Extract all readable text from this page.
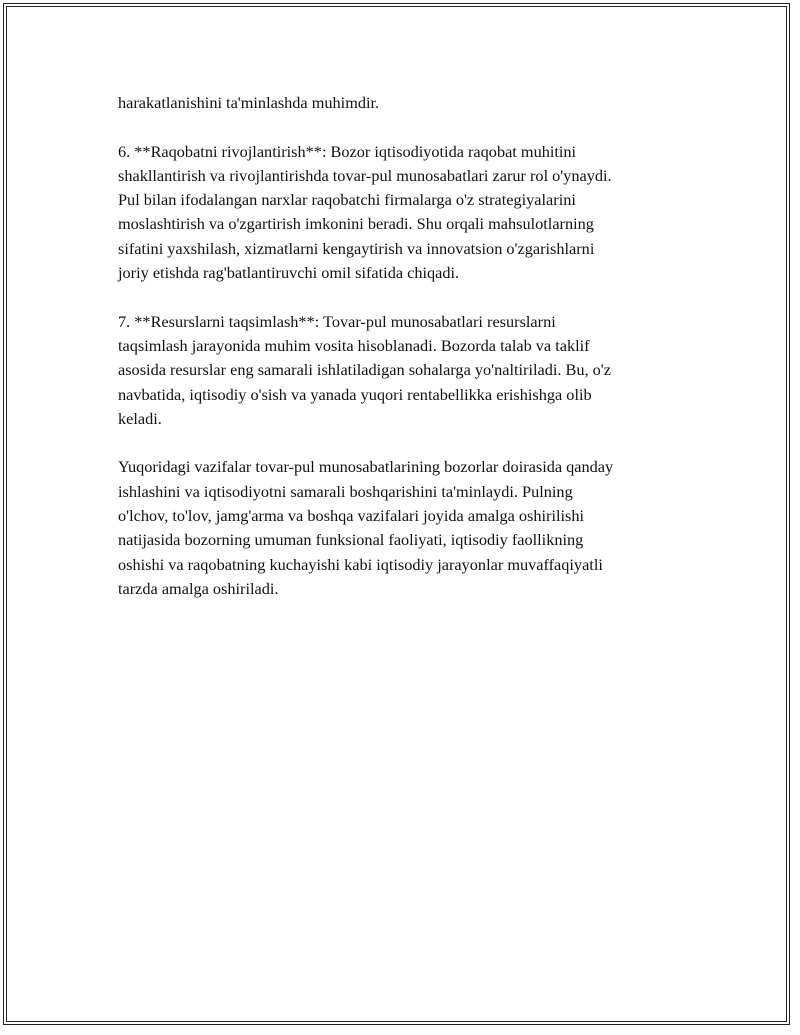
harakatlanishini ta'minlashda muhimdir.

6. **Raqobatni rivojlantirish**: Bozor iqtisodiyotida raqobat muhitini
shakllantirish va rivojlantirishda tovar-pul munosabatlari zarur rol o'ynaydi.
Pul bilan ifodalangan narxlar raqobatchi firmalarga o'z strategiyalarini
moslashtirish va o'zgartirish imkonini beradi. Shu orqali mahsulotlarning
sifatini yaxshilash, xizmatlarni kengaytirish va innovatsion o'zgarishlarni
joriy etishda rag'batlantiruvchi omil sifatida chiqadi.

7. **Resurslarni taqsimlash**: Tovar-pul munosabatlari resurslarni
taqsimlash jarayonida muhim vosita hisoblanadi. Bozorda talab va taklif
asosida resurslar eng samarali ishlatiladigan sohalarga yo'naltiriladi. Bu, o'z
navbatida, iqtisodiy o'sish va yanada yuqori rentabellikka erishishga olib
keladi.

Yuqoridagi vazifalar tovar-pul munosabatlarining bozorlar doirasida qanday
ishlashini va iqtisodiyotni samarali boshqarishini ta'minlaydi. Pulning
o'lchov, to'lov, jamg'arma va boshqa vazifalari joyida amalga oshirilishi
natijasida bozorning umuman funksional faoliyati, iqtisodiy faollikning
oshishi va raqobatning kuchayishi kabi iqtisodiy jarayonlar muvaffaqiyatli
tarzda amalga oshiriladi.
